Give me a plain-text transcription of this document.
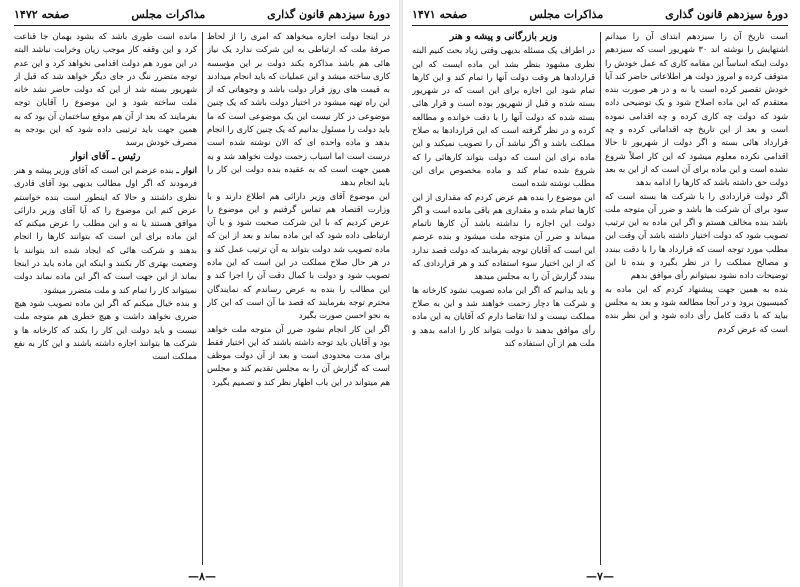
دورهٔ سیزدهم قانون گذاری
مذاکرات مجلس
صفحه ۱۴۷۲

در اینجا دولت اجازه میخواهد که امری را از لحاظ صرفهٔ ملت که ارتباطی به این شرکت ندارد یک نیاز هائی هم باشد مذاکره بکند دولت بر این مؤسسه کاری ساخته میشد و این عملیات که باید انجام میدادند به قیمت های روز قرار دولت باشد و وجوهاتی که از این راه تهیه میشود در اختیار دولت باشد که یک چنین موضوعی در کار نیست این یک موضوعی است که ما باید دولت را مسئول بدانیم که یک چنین کاری را انجام بدهد و ماده واحده ای که الان نوشته شده است درست است اما اسباب زحمت دولت نخواهد شد و به همین جهت است که به عقیده بنده دولت این کار را باید انجام بدهد

این موضوع آقای وزیر دارائی هم اطلاع دارند و با وزارت اقتصاد هم تماس گرفتیم و این موضوع را عرض کردیم که با این شرکت صحبت شود و با آن ارتباطی داده شود که این ماده بماند و بعد از این که ماده تصویب شد دولت بتواند به آن ترتیب عمل کند و در هر حال صلاح مملکت در این است که این ماده تصویب شود و دولت با کمال دقت آن را اجرا کند و این مطالب را بنده به عرض رساندم که نمایندگان محترم توجه بفرمایند که قصد ما آن است که این کار به نحو احسن صورت بگیرد

اگر این کار انجام نشود ضرر آن متوجه ملت خواهد بود و آقایان باید توجه داشته باشند که این اختیار فقط برای مدت محدودی است و بعد از آن دولت موظف است که گزارش آن را به مجلس تقدیم کند و مجلس هم میتواند در این باب اظهار نظر کند و تصمیم بگیرد

مانده است طوری باشد که بشود بهمان جا قناعت کرد و این وقفه کار موجب زیان وخرابت نباشد البته در این مورد هم دولت اقدامی نخواهد کرد و این عدم توجه متضرر ننگ در جای دیگر خواهد شد که قبل از شهریور بسته شد از این که دولت حاضر نشد خانه ملت ساخته شود و این موضوع را آقایان توجه بفرمایند که بعد از آن هم موقع ساختمان آن بود که به همین جهت باید ترتیبی داده شود که این بودجه به مصرف خودش برسد

رئیس ـ آقای انوار

انوار ـ بنده عرضم این است که آقای وزیر پیشه و هنر فرمودند که اگر اول مطالب بدیهی بود آقای قادری نظری داشتند و حالا که اینطور است بنده خواستم عرض کنم این موضوع را که آیا آقای وزیر دارائی موافق هستند یا نه و این مطلب را عرض میکنم که این ماده برای این است که بتوانند کارها را انجام بدهند و شرکت هائی که ایجاد شده اند بتوانند با وضعیت بهتری کار بکنند و اینکه این ماده باید در اینجا بماند از این جهت است که اگر این ماده نماند دولت نمیتواند کار را تمام کند و ملت متضرر میشود

و بنده خیال میکنم که اگر این ماده تصویب شود هیچ ضرری نخواهد داشت و هیچ خطری هم متوجه ملت نیست و باید دولت این کار را بکند که کارخانه ها و شرکت ها بتوانند اجازه داشته باشند و این کار به نفع مملکت است

—۸—
دورهٔ سیزدهم قانون گذاری
مذاکرات مجلس
صفحه ۱۴۷۱

است تاریخ آن را سیزدهم ابتدای آن را میدانم اشتهایش را نوشته اند ۳۰ شهریور است که سیزدهم دولت اینکه اساساً این مقامه کاری که عمل خودش را متوقف کرده و امروز دولت هر اطلاعاتی حاضر کند آیا خودش تقصیر کرده است یا نه و در هر صورت بنده معتقدم که این ماده اصلاح شود و یک توضیحی داده شود که دولت چه کاری کرده و چه اقدامی نموده است و بعد از این تاریخ چه اقداماتی کرده و چه قرارداد هائی بسته و اگر دولت از شهریور تا حالا اقدامی نکرده معلوم میشود که این کار اصلاً شروع نشده است و این ماده برای آن است که از این به بعد دولت حق داشته باشد که کارها را ادامه بدهد

اگر دولت قراردادی را با شرکت ها بسته است که سود برای آن شرکت ها باشد و ضرر آن متوجه ملت باشد بنده مخالف هستم و اگر این ماده به این ترتیب تصویب شود که دولت اختیار داشته باشد آن وقت این مطلب مورد توجه است که قرارداد ها را با دقت ببندد و مصالح مملکت را در نظر بگیرد و بنده تا این توضیحات داده نشود نمیتوانم رأی موافق بدهم

بنده به همین جهت پیشنهاد کردم که این ماده به کمیسیون برود و در آنجا مطالعه شود و بعد به مجلس بیاید که با دقت کامل رأی داده شود و این نظر بنده است که عرض کردم

وزیر بازرگانی و پیشه و هنر

در اطراف یک مسئله بدیهی وقتی زیاد بحث کنیم البته نظری مشهود بنظر بشد این ماده ایست که این قراردادها هر وقت دولت آنها را تمام کند و این کارها تمام شود این اجازه برای این است که در شهریور بسته شده و قبل از شهریور بوده است و قرار هائی بسته شده که دولت آنها را با دقت خوانده و مطالعه کرده و در نظر گرفته است که این قراردادها به صلاح مملکت باشد و اگر نباشد آن را تصویب نمیکند و این ماده برای این است که دولت بتواند کارهائی را که شروع شده تمام کند و ماده مخصوص برای این مطلب نوشته شده است

این موضوع را بنده هم عرض کردم که مقداری از این کارها تمام شده و مقداری هم باقی مانده است و اگر دولت این اجازه را نداشته باشد آن کارها ناتمام میماند و ضرر آن متوجه ملت میشود و بنده عرضم این است که آقایان توجه بفرمایند که دولت قصد ندارد که از این اختیار سوء استفاده کند و هر قراردادی که ببندد گزارش آن را به مجلس میدهد

و باید بدانیم که اگر این ماده تصویب نشود کارخانه ها و شرکت ها دچار زحمت خواهند شد و این به صلاح مملکت نیست و لذا تقاضا دارم که آقایان به این ماده رأی موافق بدهند تا دولت بتواند کار را ادامه بدهد و ملت هم از آن استفاده کند

—۷—
